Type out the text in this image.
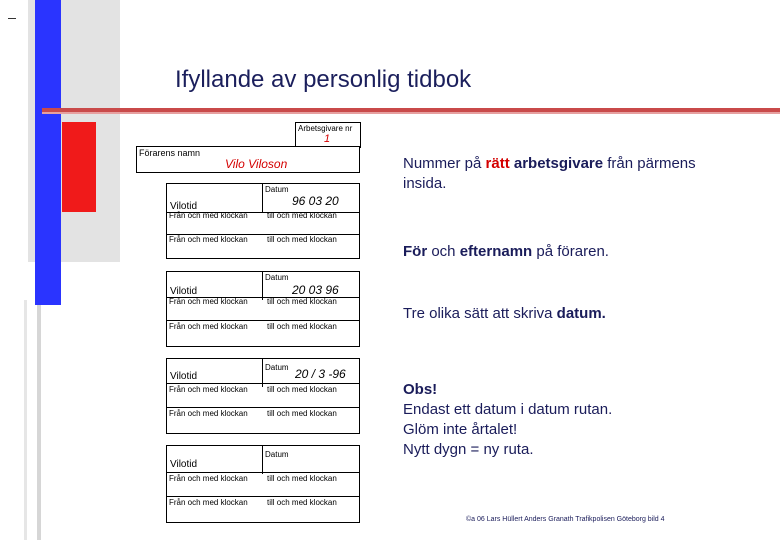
Ifyllande av personlig tidbok
Arbetsgivare nr
1
Förarens namn
Vilo Viloson
Vilotid
Datum
96 03 20
Från och med klockan till och med klockan
Från och med klockan till och med klockan
Vilotid
Datum
20 03 96
Från och med klockan till och med klockan
Från och med klockan till och med klockan
Vilotid
Datum 20 / 3 -96
Från och med klockan till och med klockan
Från och med klockan till och med klockan
Vilotid
Datum
Från och med klockan till och med klockan
Från och med klockan till och med klockan
Nummer på rätt arbetsgivare från pärmens
insida.
För och efternamn på föraren.
Tre olika sätt att skriva datum.
Obs!
Endast ett datum i datum rutan.
Glöm inte årtalet!
Nytt dygn = ny ruta.
©a 06 Lars Hüllert Anders Granath Trafikpolisen Göteborg bild 4
